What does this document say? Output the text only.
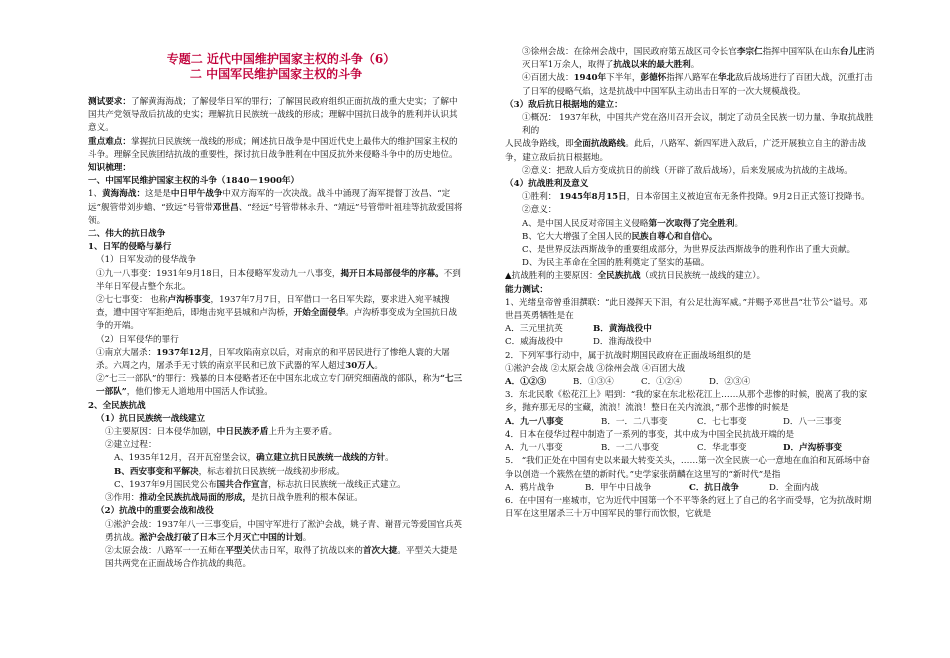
专题二 近代中国维护国家主权的斗争（6）
二 中国军民维护国家主权的斗争

测试要求：了解黄海海战；了解侵华日军的罪行；了解国民政府组织正面抗战的重大史实；了解中国共产党领导敌后抗战的史实；理解抗日民族统一战线的形成；理解中国抗日战争的胜利并认识其意义。

重点难点：掌握抗日民族统一战线的形成；阐述抗日战争是中国近代史上最伟大的维护国家主权的斗争。理解全民族团结抗战的重要性，探讨抗日战争胜利在中国反抗外来侵略斗争中的历史地位。

知识梳理：

一、中国军民维护国家主权的斗争（1840－1900年）

1、黄海海战：这是是中日甲午战争中双方海军的一次决战。战斗中涌现了海军提督丁汝昌、“定远”舰管带刘步蟾、“致远”号管带邓世昌、“经远”号管带林永升、“靖远”号管带叶祖珪等抗敌爱国将领。

二、伟大的抗日战争

1、日军的侵略与暴行

（1）日军发动的侵华战争

①九一八事变：1931年9月18日，日本侵略军发动九一八事变，揭开日本局部侵华的序幕。不到半年日军侵占整个东北。

②七七事变： 也称卢沟桥事变，1937年7月7日，日军借口一名日军失踪，要求进入宛平城搜查，遭中国守军拒绝后，即炮击宛平县城和卢沟桥，开始全面侵华。卢沟桥事变成为全国抗日战争的开端。

（2）日军侵华的罪行

①南京大屠杀：1937年12月，日军攻陷南京以后，对南京的和平居民进行了惨绝人寰的大屠杀。六周之内，屠杀手无寸铁的南京平民和已放下武器的军人超过30万人。

②“七三一部队”的罪行：残暴的日本侵略者还在中国东北成立专门研究细菌战的部队，称为“七三一部队”，他们惨无人道地用中国活人作试验。

2、全民族抗战

（1）抗日民族统一战线建立

①主要原因：日本侵华加剧，中日民族矛盾上升为主要矛盾。

②建立过程：

A、1935年12月，召开瓦窑堡会议，确立建立抗日民族统一战线的方针。

B、西安事变和平解决，标志着抗日民族统一战线初步形成。

C、1937年9月国民党公布国共合作宣言，标志抗日民族统一战线正式建立。

③作用：推动全民族抗战局面的形成，是抗日战争胜利的根本保证。

（2）抗战中的重要会战和战役

①淞沪会战：1937年八一三事变后，中国守军进行了淞沪会战，姚子青、谢晋元等爱国官兵英勇抗战。淞沪会战打破了日本三个月灭亡中国的计划。

②太原会战：八路军一一五师在平型关伏击日军，取得了抗战以来的首次大捷。平型关大捷是国共两党在正面战场合作抗战的典范。

③徐州会战：在徐州会战中，国民政府第五战区司令长官李宗仁指挥中国军队在山东台儿庄消灭日军1万余人，取得了抗战以来的最大胜利。

④百团大战：1940年下半年，彭德怀指挥八路军在华北敌后战场进行了百团大战，沉重打击了日军的侵略气焰，这是抗战中中国军队主动出击日军的一次大规模战役。

（3）敌后抗日根据地的建立：

①概况： 1937年秋，中国共产党在洛川召开会议，制定了动员全民族一切力量、争取抗战胜利的

人民战争路线，即全面抗战路线。此后，八路军、新四军进入敌后，广泛开展独立自主的游击战争，建立敌后抗日根据地。

②意义：把敌人后方变成抗日的前线（开辟了敌后战场），后来发展成为抗战的主战场。

（4）抗战胜利及意义

①胜利： 1945年8月15日，日本帝国主义被迫宣布无条件投降。9月2日正式签订投降书。

②意义：

A、是中国人民反对帝国主义侵略第一次取得了完全胜利。

B、它大大增强了全国人民的民族自尊心和自信心。

C、是世界反法西斯战争的重要组成部分，为世界反法西斯战争的胜利作出了重大贡献。

D、为民主革命在全国的胜利奠定了坚实的基础。

▲抗战胜利的主要原因：全民族抗战（或抗日民族统一战线的建立）。

能力测试：

1、光绪皇帝曾垂泪撰联：“此日漫挥天下泪，有公足壮海军威。”并赐予邓世昌“壮节公”谥号。邓

世昌英勇牺牲是在

A．三元里抗英	B．黄海战役中

C．威海战役中	D．淮海战役中

2．下列军事行动中，属于抗战时期国民政府在正面战场组织的是

①淞沪会战 ②太原会战 ③徐州会战 ④百团大战

A．①②③	B．①③④	C．①②④	D．②③④

3．东北民歌《松花江上》唱到：“我的家在东北松花江上……从那个悲惨的时候，脱离了我的家乡，抛弃那无尽的宝藏，流浪！流浪！整日在关内流浪，”那个悲惨的时候是

A．九一八事变	B．一．二八事变	C．七七事变	D．八一三事变

4．日本在侵华过程中制造了一系列的事变，其中成为中国全民抗战开端的是

A．九一八事变	B．一二八事变	C．华北事变	D．卢沟桥事变

5． “我们正处在中国有史以来最大转变关头，……第一次全民族一心一意地在血泊和瓦砾场中奋

争以创造一个簇然在望的新时代。”史学家张荫麟在这里写的“新时代”是指

A．鸦片战争	B．甲午中日战争	C．抗日战争	D．全面内战

6．在中国有一座城市，它为近代中国第一个不平等条约冠上了自己的名字而受辱，它为抗战时期

日军在这里屠杀三十万中国军民的罪行而饮恨，它就是
